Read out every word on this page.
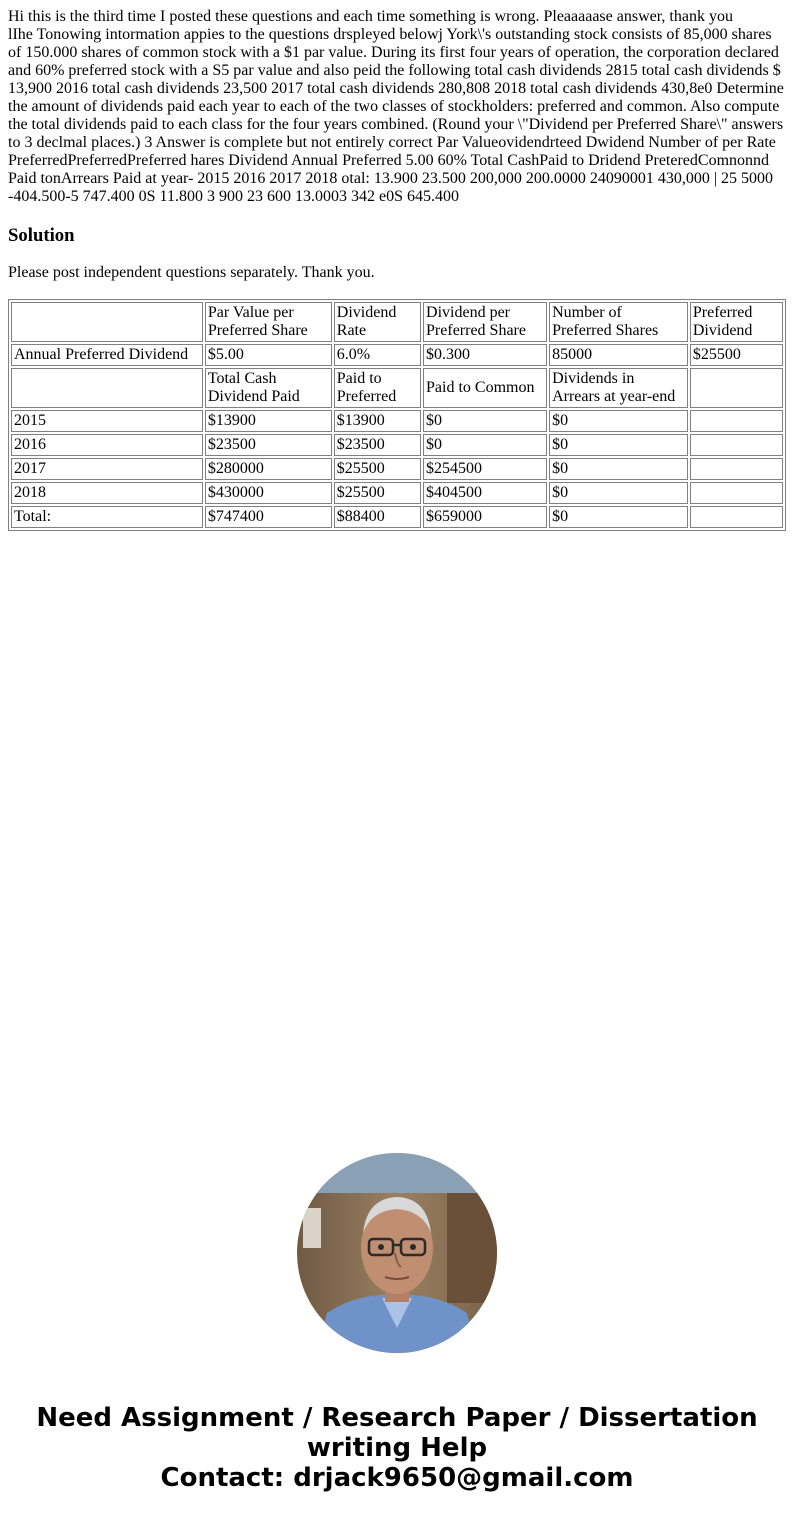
Hi this is the third time I posted these questions and each time something is wrong. Pleaaaaase answer, thank you

lIhe Tonowing intormation appies to the questions drspleyed belowj York\'s outstanding stock consists of 85,000 shares of 150.000 shares of common stock with a $1 par value. During its first four years of operation, the corporation declared and 60% preferred stock with a S5 par value and also peid the following total cash dividends 2815 total cash dividends $ 13,900 2016 total cash dividends 23,500 2017 total cash dividends 280,808 2018 total cash dividends 430,8e0 Determine the amount of dividends paid each year to each of the two classes of stockholders: preferred and common. Also compute the total dividends paid to each class for the four years combined. (Round your \"Dividend per Preferred Share\" answers to 3 declmal places.) 3 Answer is complete but not entirely correct Par Valueovidendrteed Dwidend Number of per Rate PreferredPreferredPreferred hares Dividend Annual Preferred 5.00 60% Total CashPaid to Dridend PreteredComnonnd Paid tonArrears Paid at year- 2015 2016 2017 2018 otal: 13.900 23.500 200,000 200.0000 24090001 430,000 | 25 5000 -404.500-5 747.400 0S 11.800 3 900 23 600 13.0003 342 e0S 645.400

Solution

Please post independent questions separately. Thank you.

	Par Value per Preferred Share	Dividend Rate	Dividend per Preferred Share	Number of Preferred Shares	Preferred Dividend
Annual Preferred Dividend	$5.00	6.0%	$0.300	85000	$25500
	Total Cash Dividend Paid	Paid to Preferred	Paid to Common	Dividends in Arrears at year-end	
2015	$13900	$13900	$0	$0	
2016	$23500	$23500	$0	$0	
2017	$280000	$25500	$254500	$0	
2018	$430000	$25500	$404500	$0	
Total:	$747400	$88400	$659000	$0	
Need Assignment / Research Paper / Dissertation
writing Help
Contact: drjack9650@gmail.com
